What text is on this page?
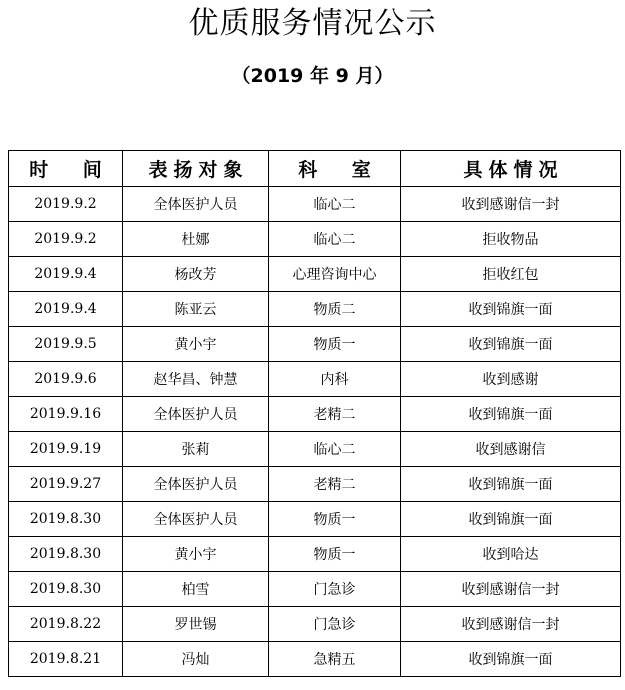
优质服务情况公示
（2019 年 9 月）
时 间	表扬对象	科 室	具体情况
2019.9.2	全体医护人员	临心二	收到感谢信一封
2019.9.2	杜娜	临心二	拒收物品
2019.9.4	杨改芳	心理咨询中心	拒收红包
2019.9.4	陈亚云	物质二	收到锦旗一面
2019.9.5	黄小宇	物质一	收到锦旗一面
2019.9.6	赵华昌、钟慧	内科	收到感谢
2019.9.16	全体医护人员	老精二	收到锦旗一面
2019.9.19	张莉	临心二	收到感谢信
2019.9.27	全体医护人员	老精二	收到锦旗一面
2019.8.30	全体医护人员	物质一	收到锦旗一面
2019.8.30	黄小宇	物质一	收到哈达
2019.8.30	柏雪	门急诊	收到感谢信一封
2019.8.22	罗世锡	门急诊	收到感谢信一封
2019.8.21	冯灿	急精五	收到锦旗一面
